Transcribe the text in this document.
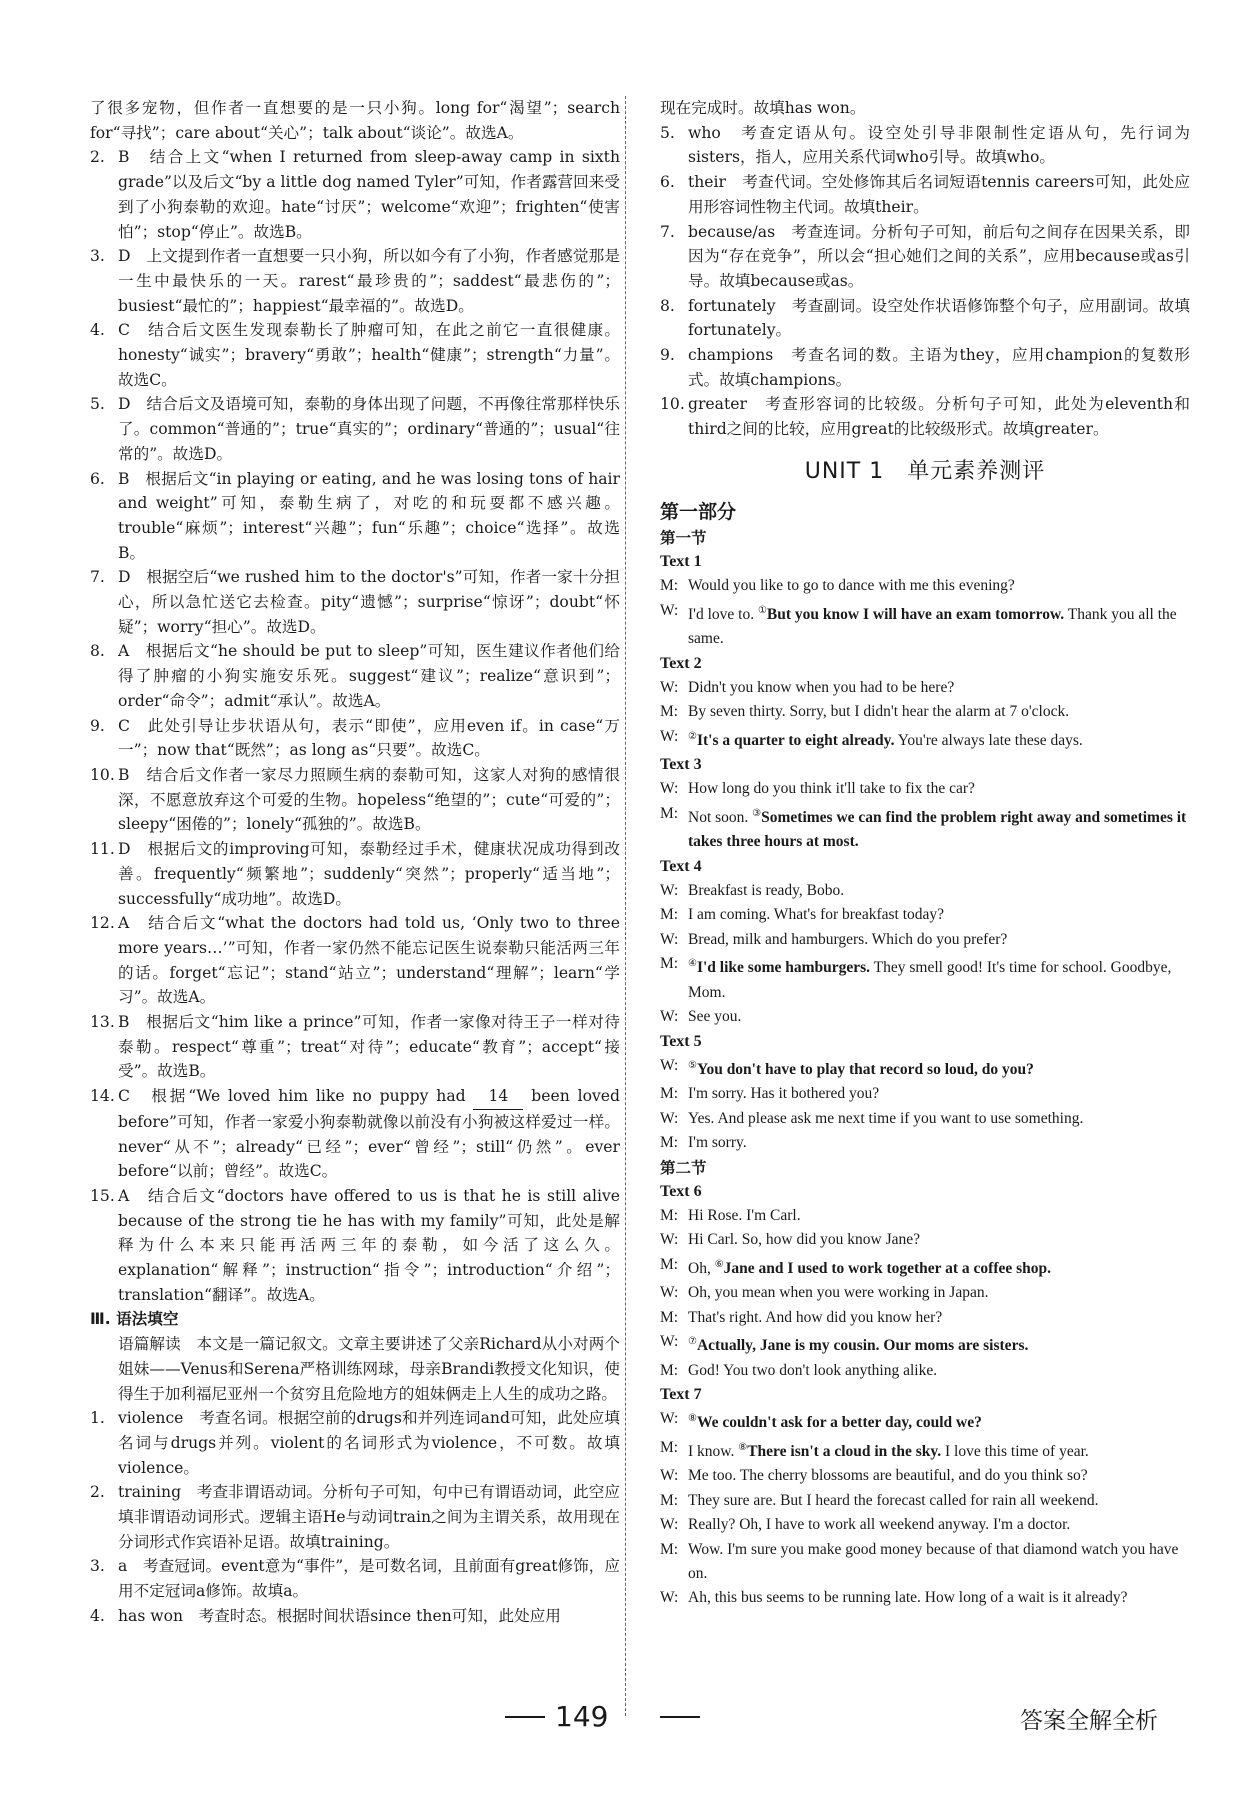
了很多宠物，但作者一直想要的是一只小狗。long for“渴望”；search for“寻找”；care about“关心”；talk about“谈论”。故选A。
2. B　结合上文“when I returned from sleep-away camp in sixth grade”以及后文“by a little dog named Tyler”可知，作者露营回来受到了小狗泰勒的欢迎。hate“讨厌”；welcome“欢迎”；frighten“使害怕”；stop“停止”。故选B。
3. D　上文提到作者一直想要一只小狗，所以如今有了小狗，作者感觉那是一生中最快乐的一天。rarest“最珍贵的”；saddest“最悲伤的”；busiest“最忙的”；happiest“最幸福的”。故选D。
4. C　结合后文医生发现泰勒长了肿瘤可知，在此之前它一直很健康。honesty“诚实”；bravery“勇敢”；health“健康”；strength“力量”。故选C。
5. D　结合后文及语境可知，泰勒的身体出现了问题，不再像往常那样快乐了。common“普通的”；true“真实的”；ordinary“普通的”；usual“往常的”。故选D。
6. B　根据后文“in playing or eating, and he was losing tons of hair and weight”可知，泰勒生病了，对吃的和玩耍都不感兴趣。trouble“麻烦”；interest“兴趣”；fun“乐趣”；choice“选择”。故选B。
7. D　根据空后“we rushed him to the doctor's”可知，作者一家十分担心，所以急忙送它去检查。pity“遗憾”；surprise“惊讶”；doubt“怀疑”；worry“担心”。故选D。
8. A　根据后文“he should be put to sleep”可知，医生建议作者他们给得了肿瘤的小狗实施安乐死。suggest“建议”；realize“意识到”；order“命令”；admit“承认”。故选A。
9. C　此处引导让步状语从句，表示“即使”，应用even if。in case“万一”；now that“既然”；as long as“只要”。故选C。
10. B　结合后文作者一家尽力照顾生病的泰勒可知，这家人对狗的感情很深，不愿意放弃这个可爱的生物。hopeless“绝望的”；cute“可爱的”；sleepy“困倦的”；lonely“孤独的”。故选B。
11. D　根据后文的improving可知，泰勒经过手术，健康状况成功得到改善。frequently“频繁地”；suddenly“突然”；properly“适当地”；successfully“成功地”。故选D。
12. A　结合后文“what the doctors had told us, ‘Only two to three more years…’”可知，作者一家仍然不能忘记医生说泰勒只能活两三年的话。forget“忘记”；stand“站立”；understand“理解”；learn“学习”。故选A。
13. B　根据后文“him like a prince”可知，作者一家像对待王子一样对待泰勒。respect“尊重”；treat“对待”；educate“教育”；accept“接受”。故选B。
14. C　根据“We loved him like no puppy had 14 been loved before”可知，作者一家爱小狗泰勒就像以前没有小狗被这样爱过一样。never“从不”；already“已经”；ever“曾经”；still“仍然”。ever before“以前；曾经”。故选C。
15. A　结合后文“doctors have offered to us is that he is still alive because of the strong tie he has with my family”可知，此处是解释为什么本来只能再活两三年的泰勒，如今活了这么久。explanation“解释”；instruction“指令”；introduction“介绍”；translation“翻译”。故选A。
Ⅲ. 语法填空
语篇解读　本文是一篇记叙文。文章主要讲述了父亲Richard从小对两个姐妹——Venus和Serena严格训练网球，母亲Brandi教授文化知识，使得生于加利福尼亚州一个贫穷且危险地方的姐妹俩走上人生的成功之路。
1. violence　考查名词。根据空前的drugs和并列连词and可知，此处应填名词与drugs并列。violent的名词形式为violence，不可数。故填violence。
2. training　考查非谓语动词。分析句子可知，句中已有谓语动词，此空应填非谓语动词形式。逻辑主语He与动词train之间为主谓关系，故用现在分词形式作宾语补足语。故填training。
3. a　考查冠词。event意为“事件”，是可数名词，且前面有great修饰，应用不定冠词a修饰。故填a。
4. has won　考查时态。根据时间状语since then可知，此处应用
现在完成时。故填has won。
5. who　考查定语从句。设空处引导非限制性定语从句，先行词为sisters，指人，应用关系代词who引导。故填who。
6. their　考查代词。空处修饰其后名词短语tennis careers可知，此处应用形容词性物主代词。故填their。
7. because/as　考查连词。分析句子可知，前后句之间存在因果关系，即因为“存在竞争”，所以会“担心她们之间的关系”，应用because或as引导。故填because或as。
8. fortunately　考查副词。设空处作状语修饰整个句子，应用副词。故填fortunately。
9. champions　考查名词的数。主语为they，应用champion的复数形式。故填champions。
10. greater　考查形容词的比较级。分析句子可知，此处为eleventh和third之间的比较，应用great的比较级形式。故填greater。
UNIT 1　单元素养测评
第一部分
第一节
Text 1
M: Would you like to go to dance with me this evening?
W: I'd love to. ①But you know I will have an exam tomorrow. Thank you all the same.
Text 2
W: Didn't you know when you had to be here?
M: By seven thirty. Sorry, but I didn't hear the alarm at 7 o'clock.
W: ②It's a quarter to eight already. You're always late these days.
Text 3
W: How long do you think it'll take to fix the car?
M: Not soon. ③Sometimes we can find the problem right away and sometimes it takes three hours at most.
Text 4
W: Breakfast is ready, Bobo.
M: I am coming. What's for breakfast today?
W: Bread, milk and hamburgers. Which do you prefer?
M: ④I'd like some hamburgers. They smell good! It's time for school. Goodbye, Mom.
W: See you.
Text 5
W: ⑤You don't have to play that record so loud, do you?
M: I'm sorry. Has it bothered you?
W: Yes. And please ask me next time if you want to use something.
M: I'm sorry.
第二节
Text 6
M: Hi Rose. I'm Carl.
W: Hi Carl. So, how did you know Jane?
M: Oh, ⑥Jane and I used to work together at a coffee shop.
W: Oh, you mean when you were working in Japan.
M: That's right. And how did you know her?
W: ⑦Actually, Jane is my cousin. Our moms are sisters.
M: God! You two don't look anything alike.
Text 7
W: ⑧We couldn't ask for a better day, could we?
M: I know. ⑧There isn't a cloud in the sky. I love this time of year.
W: Me too. The cherry blossoms are beautiful, and do you think so?
M: They sure are. But I heard the forecast called for rain all weekend.
W: Really? Oh, I have to work all weekend anyway. I'm a doctor.
M: Wow. I'm sure you make good money because of that diamond watch you have on.
W: Ah, this bus seems to be running late. How long of a wait is it already?
149	答案全解全析
